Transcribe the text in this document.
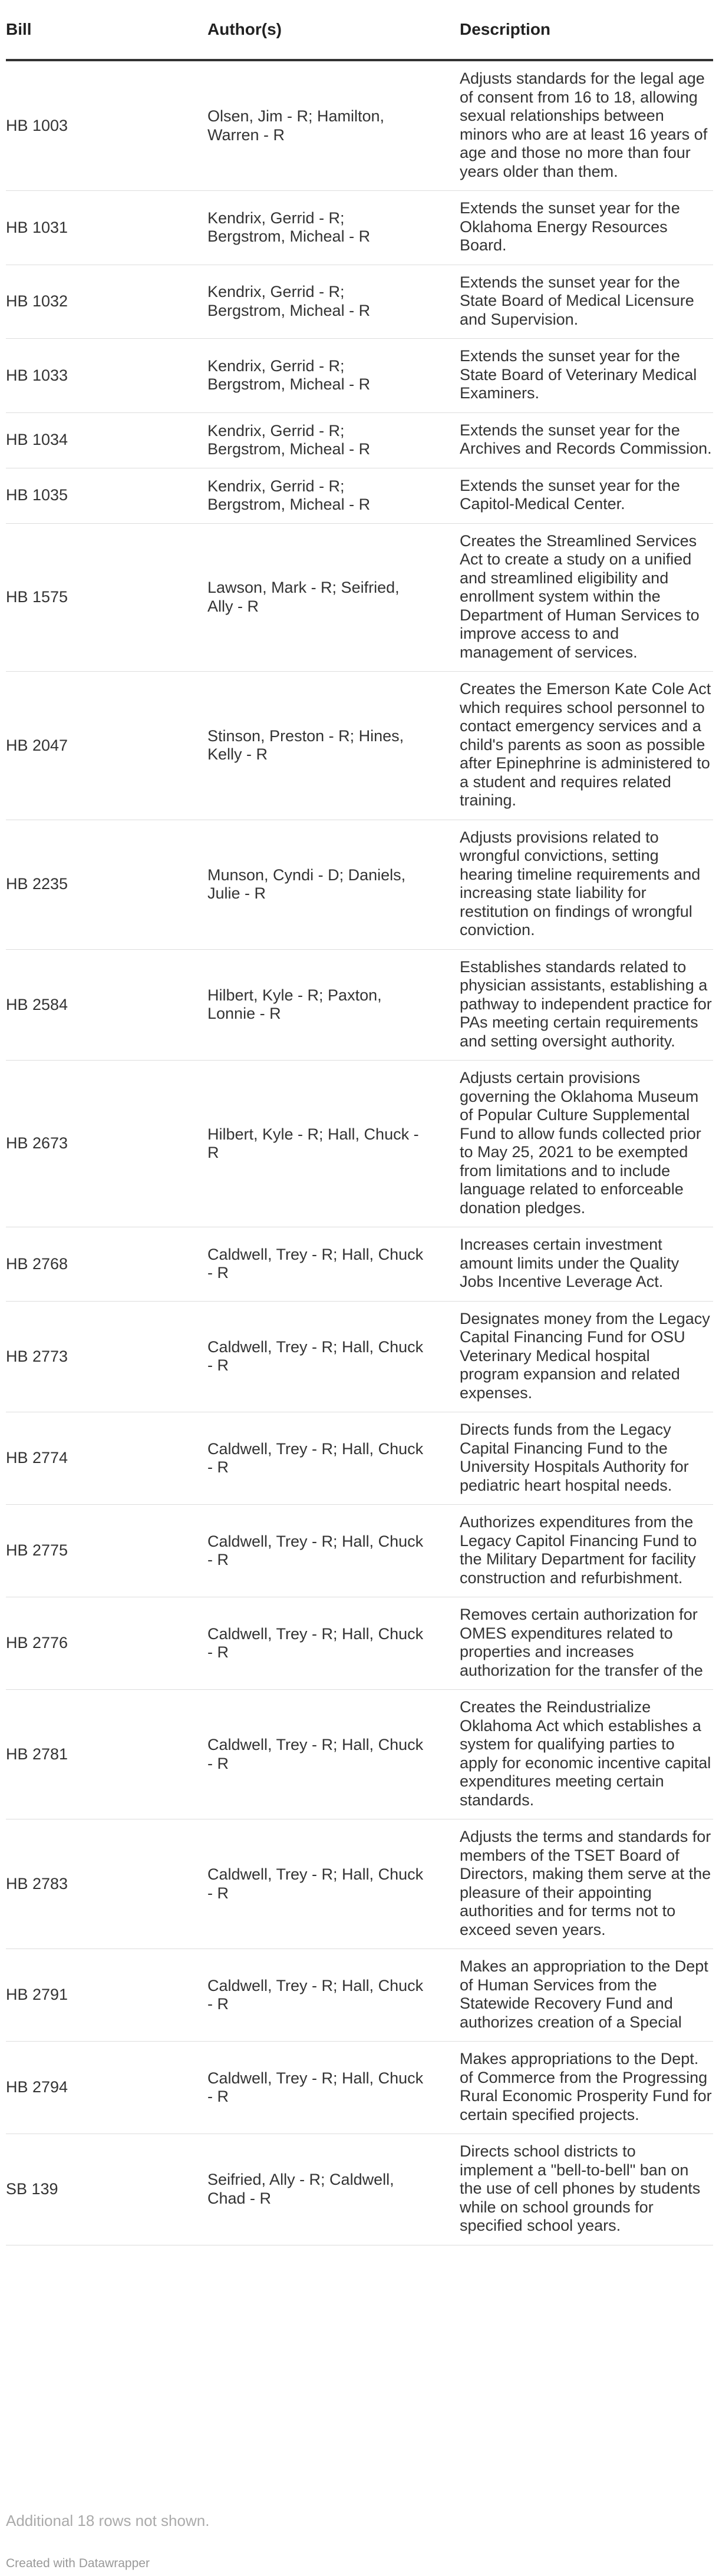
Bill	Author(s)	Description
HB 1003	Olsen, Jim - R; Hamilton, Warren - R	Adjusts standards for the legal age of consent from 16 to 18, allowing sexual relationships between minors who are at least 16 years of age and those no more than four years older than them.
HB 1031	Kendrix, Gerrid - R; Bergstrom, Micheal - R	Extends the sunset year for the Oklahoma Energy Resources Board.
HB 1032	Kendrix, Gerrid - R; Bergstrom, Micheal - R	Extends the sunset year for the State Board of Medical Licensure and Supervision.
HB 1033	Kendrix, Gerrid - R; Bergstrom, Micheal - R	Extends the sunset year for the State Board of Veterinary Medical Examiners.
HB 1034	Kendrix, Gerrid - R; Bergstrom, Micheal - R	Extends the sunset year for the Archives and Records Commission.
HB 1035	Kendrix, Gerrid - R; Bergstrom, Micheal - R	Extends the sunset year for the Capitol-Medical Center.
HB 1575	Lawson, Mark - R; Seifried, Ally - R	Creates the Streamlined Services Act to create a study on a unified and streamlined eligibility and enrollment system within the Department of Human Services to improve access to and management of services.
HB 2047	Stinson, Preston - R; Hines, Kelly - R	Creates the Emerson Kate Cole Act which requires school personnel to contact emergency services and a child's parents as soon as possible after Epinephrine is administered to a student and requires related training.
HB 2235	Munson, Cyndi - D; Daniels, Julie - R	Adjusts provisions related to wrongful convictions, setting hearing timeline requirements and increasing state liability for restitution on findings of wrongful conviction.
HB 2584	Hilbert, Kyle - R; Paxton, Lonnie - R	Establishes standards related to physician assistants, establishing a pathway to independent practice for PAs meeting certain requirements and setting oversight authority.
HB 2673	Hilbert, Kyle - R; Hall, Chuck - R	Adjusts certain provisions governing the Oklahoma Museum of Popular Culture Supplemental Fund to allow funds collected prior to May 25, 2021 to be exempted from limitations and to include language related to enforceable donation pledges.
HB 2768	Caldwell, Trey - R; Hall, Chuck - R	Increases certain investment amount limits under the Quality Jobs Incentive Leverage Act.
HB 2773	Caldwell, Trey - R; Hall, Chuck - R	Designates money from the Legacy Capital Financing Fund for OSU Veterinary Medical hospital program expansion and related expenses.
HB 2774	Caldwell, Trey - R; Hall, Chuck - R	Directs funds from the Legacy Capital Financing Fund to the University Hospitals Authority for pediatric heart hospital needs.
HB 2775	Caldwell, Trey - R; Hall, Chuck - R	Authorizes expenditures from the Legacy Capitol Financing Fund to the Military Department for facility construction and refurbishment.
HB 2776	Caldwell, Trey - R; Hall, Chuck - R	Removes certain authorization for OMES expenditures related to properties and increases authorization for the transfer of the
HB 2781	Caldwell, Trey - R; Hall, Chuck - R	Creates the Reindustrialize Oklahoma Act which establishes a system for qualifying parties to apply for economic incentive capital expenditures meeting certain standards.
HB 2783	Caldwell, Trey - R; Hall, Chuck - R	Adjusts the terms and standards for members of the TSET Board of Directors, making them serve at the pleasure of their appointing authorities and for terms not to exceed seven years.
HB 2791	Caldwell, Trey - R; Hall, Chuck - R	Makes an appropriation to the Dept of Human Services from the Statewide Recovery Fund and authorizes creation of a Special
HB 2794	Caldwell, Trey - R; Hall, Chuck - R	Makes appropriations to the Dept. of Commerce from the Progressing Rural Economic Prosperity Fund for certain specified projects.
SB 139	Seifried, Ally - R; Caldwell, Chad - R	Directs school districts to implement a "bell-to-bell" ban on the use of cell phones by students while on school grounds for specified school years.
Additional 18 rows not shown.
Created with Datawrapper
